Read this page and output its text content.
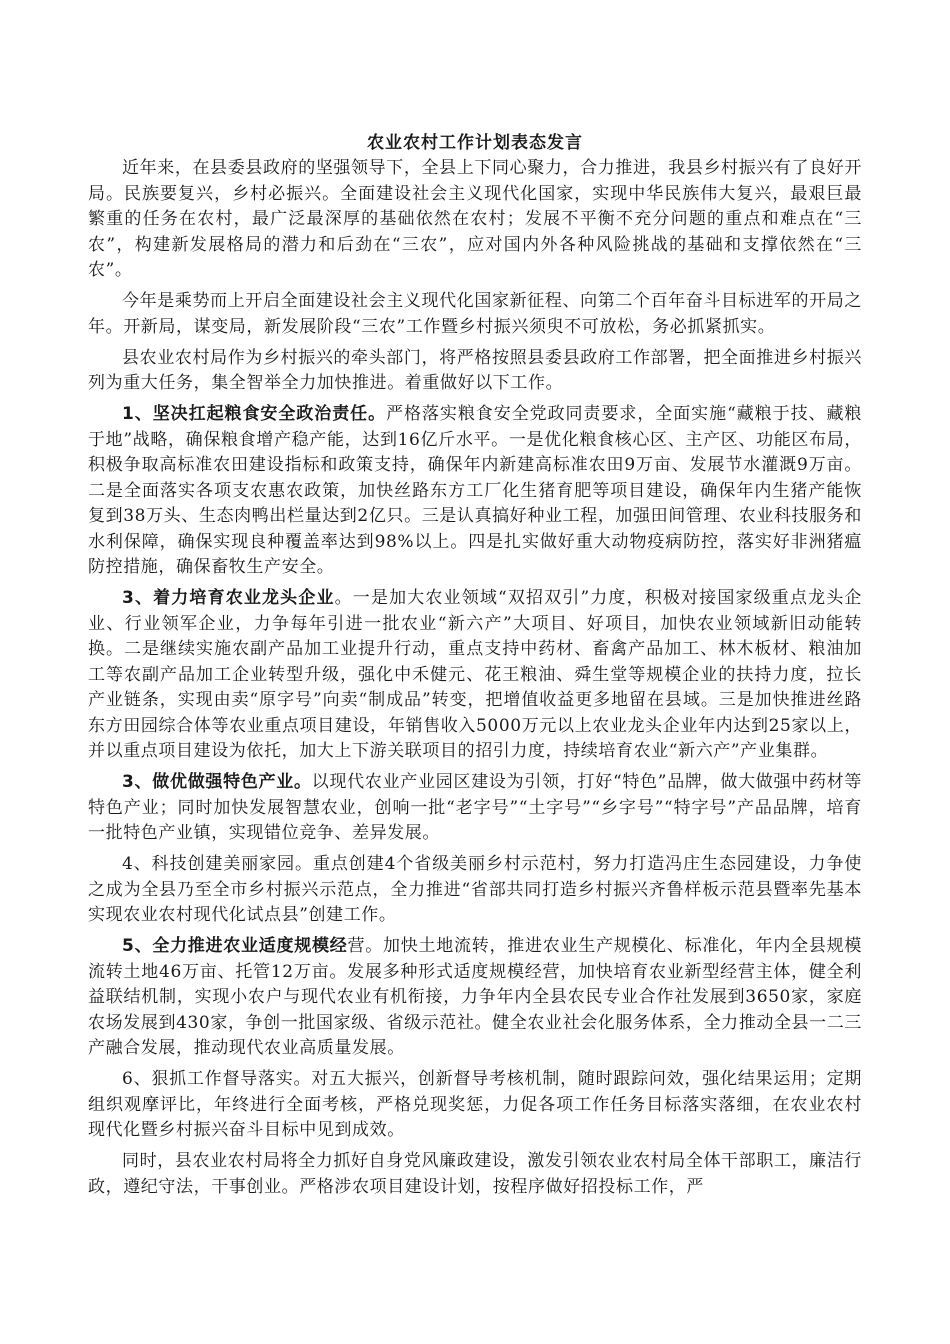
农业农村工作计划表态发言

近年来，在县委县政府的坚强领导下，全县上下同心聚力，合力推进，我县乡村振兴有了良好开局。民族要复兴，乡村必振兴。全面建设社会主义现代化国家，实现中华民族伟大复兴，最艰巨最繁重的任务在农村，最广泛最深厚的基础依然在农村；发展不平衡不充分问题的重点和难点在“三农”，构建新发展格局的潜力和后劲在“三农”，应对国内外各种风险挑战的基础和支撑依然在“三农”。

今年是乘势而上开启全面建设社会主义现代化国家新征程、向第二个百年奋斗目标进军的开局之年。开新局，谋变局，新发展阶段“三农”工作暨乡村振兴须臾不可放松，务必抓紧抓实。

县农业农村局作为乡村振兴的牵头部门，将严格按照县委县政府工作部署，把全面推进乡村振兴列为重大任务，集全智举全力加快推进。着重做好以下工作。

1、坚决扛起粮食安全政治责任。严格落实粮食安全党政同责要求，全面实施“藏粮于技、藏粮于地”战略，确保粮食增产稳产能，达到16亿斤水平。一是优化粮食核心区、主产区、功能区布局，积极争取高标准农田建设指标和政策支持，确保年内新建高标准农田9万亩、发展节水灌溉9万亩。二是全面落实各项支农惠农政策，加快丝路东方工厂化生猪育肥等项目建设，确保年内生猪产能恢复到38万头、生态肉鸭出栏量达到2亿只。三是认真搞好种业工程，加强田间管理、农业科技服务和水利保障，确保实现良种覆盖率达到98%以上。四是扎实做好重大动物疫病防控，落实好非洲猪瘟防控措施，确保畜牧生产安全。

3、着力培育农业龙头企业。一是加大农业领域“双招双引”力度，积极对接国家级重点龙头企业、行业领军企业，力争每年引进一批农业“新六产”大项目、好项目，加快农业领域新旧动能转换。二是继续实施农副产品加工业提升行动，重点支持中药材、畜禽产品加工、林木板材、粮油加工等农副产品加工企业转型升级，强化中禾健元、花王粮油、舜生堂等规模企业的扶持力度，拉长产业链条，实现由卖“原字号”向卖“制成品”转变，把增值收益更多地留在县域。三是加快推进丝路东方田园综合体等农业重点项目建设，年销售收入5000万元以上农业龙头企业年内达到25家以上，并以重点项目建设为依托，加大上下游关联项目的招引力度，持续培育农业“新六产”产业集群。

3、做优做强特色产业。以现代农业产业园区建设为引领，打好“特色”品牌，做大做强中药材等特色产业；同时加快发展智慧农业，创响一批“老字号”“土字号”“乡字号”“特字号”产品品牌，培育一批特色产业镇，实现错位竞争、差异发展。

4、科技创建美丽家园。重点创建4个省级美丽乡村示范村，努力打造冯庄生态园建设，力争使之成为全县乃至全市乡村振兴示范点，全力推进“省部共同打造乡村振兴齐鲁样板示范县暨率先基本实现农业农村现代化试点县”创建工作。

5、全力推进农业适度规模经营。加快土地流转，推进农业生产规模化、标准化，年内全县规模流转土地46万亩、托管12万亩。发展多种形式适度规模经营，加快培育农业新型经营主体，健全利益联结机制，实现小农户与现代农业有机衔接，力争年内全县农民专业合作社发展到3650家，家庭农场发展到430家，争创一批国家级、省级示范社。健全农业社会化服务体系，全力推动全县一二三产融合发展，推动现代农业高质量发展。

6、狠抓工作督导落实。对五大振兴，创新督导考核机制，随时跟踪问效，强化结果运用；定期组织观摩评比，年终进行全面考核，严格兑现奖惩，力促各项工作任务目标落实落细，在农业农村现代化暨乡村振兴奋斗目标中见到成效。

同时，县农业农村局将全力抓好自身党风廉政建设，激发引领农业农村局全体干部职工，廉洁行政，遵纪守法，干事创业。严格涉农项目建设计划，按程序做好招投标工作，严
